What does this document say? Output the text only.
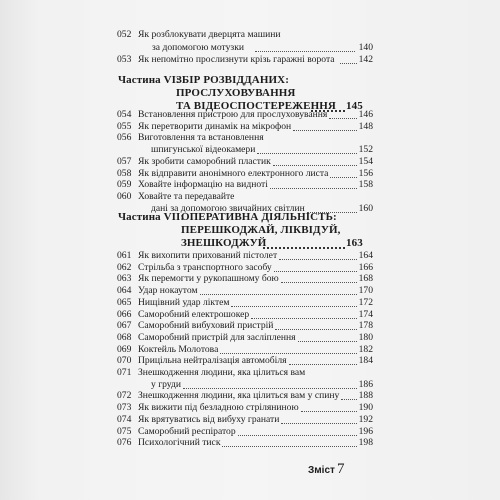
052 Як розблокувати дверцята машини
за допомогою мотузки	140
053 Як непомітно прослизнути крізь гаражні ворота	142
Частина VI:
ЗБІР РОЗВІДДАНИХ:
ПРОСЛУХОВУВАННЯ
ТА ВІДЕОСПОСТЕРЕЖЕННЯ 145
054 Встановлення пристрою для прослуховування	146
055 Як перетворити динамік на мікрофон	148
056 Виготовлення та встановлення
шпигунської відеокамери	152
057 Як зробити саморобний пластик	154
058 Як відправити анонімного електронного листа	156
059 Ховайте інформацію на видноті	158
060 Ховайте та передавайте
дані за допомогою звичайних світлин	160
Частина VII:
ОПЕРАТИВНА ДІЯЛЬНІСТЬ:
ПЕРЕШКОДЖАЙ, ЛІКВІДУЙ,
ЗНЕШКОДЖУЙ	163
061 Як вихопити прихований пістолет	164
062 Стрільба з транспортного засобу	166
063 Як перемогти у рукопашному бою	168
064 Удар нокаутом	170
065 Нищівний удар ліктем	172
066 Саморобний електрошокер	174
067 Саморобний вибуховий пристрій	178
068 Саморобний пристрій для засліплення	180
069 Коктейль Молотова	182
070 Прицільна нейтралізація автомобіля	184
071 Знешкодження людини, яка цілиться вам
у груди	186
072 Знешкодження людини, яка цілиться вам у спину 188
073 Як вижити під безладною стріляниною	190
074 Як врятуватись від вибуху гранати	192
075 Саморобний респіратор	196
076 Психологічний тиск	198
Зміст 7
